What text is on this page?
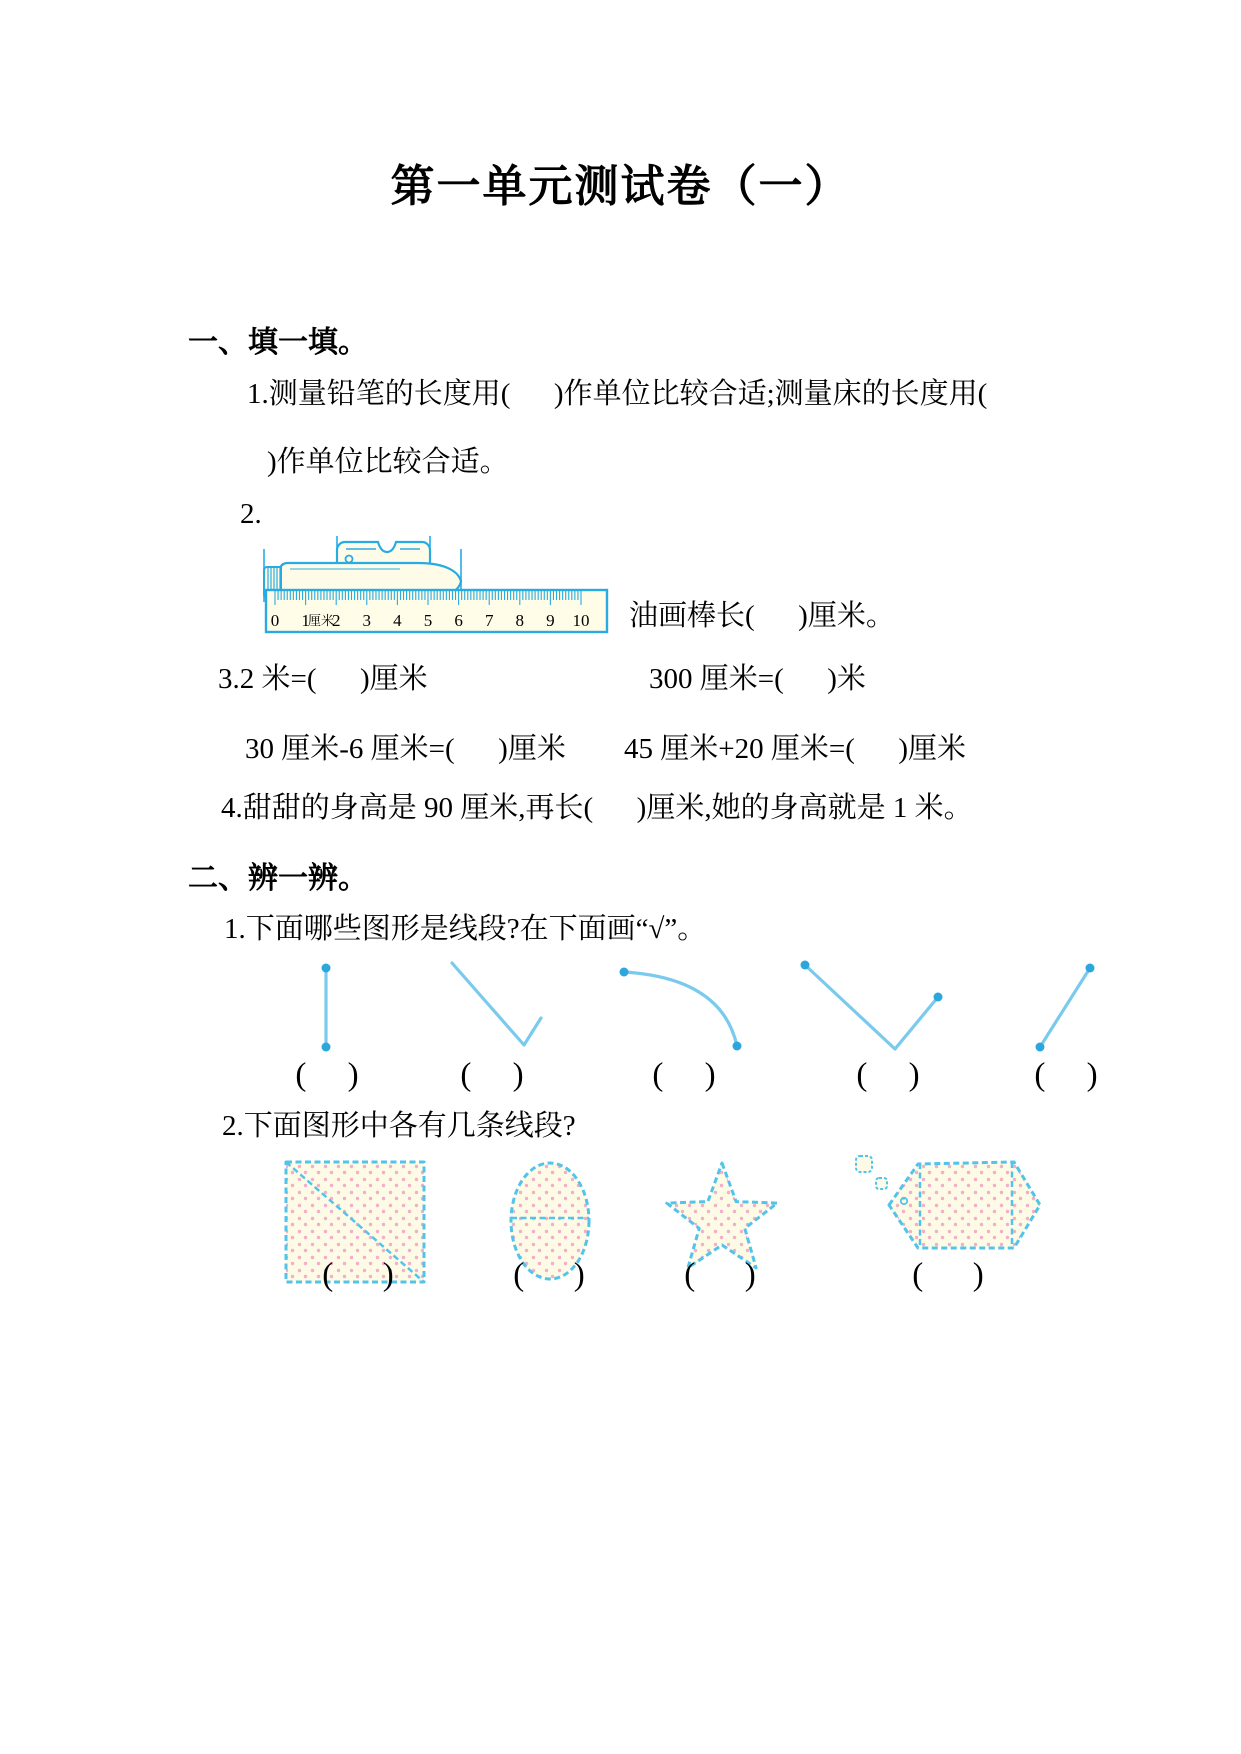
第一单元测试卷（一）
一、填一填。
1.测量铅笔的长度用(      )作单位比较合适;测量床的长度用(
)作单位比较合适。
2.
0 1 2 3 4 5 6 7 8 9 10
厘米	油画棒长(      )厘米。
3.2 米=(      )厘米	300 厘米=(      )米
30 厘米-6 厘米=(      )厘米 45 厘米+20 厘米=(      )厘米
4.甜甜的身高是 90 厘米,再长(      )厘米,她的身高就是 1 米。
二、辨一辨。
1.下面哪些图形是线段?在下面画“√”。
(     )	(     )	(     )	(     )	(     )
2.下面图形中各有几条线段?
(      )	(      )	(      )	(      )
